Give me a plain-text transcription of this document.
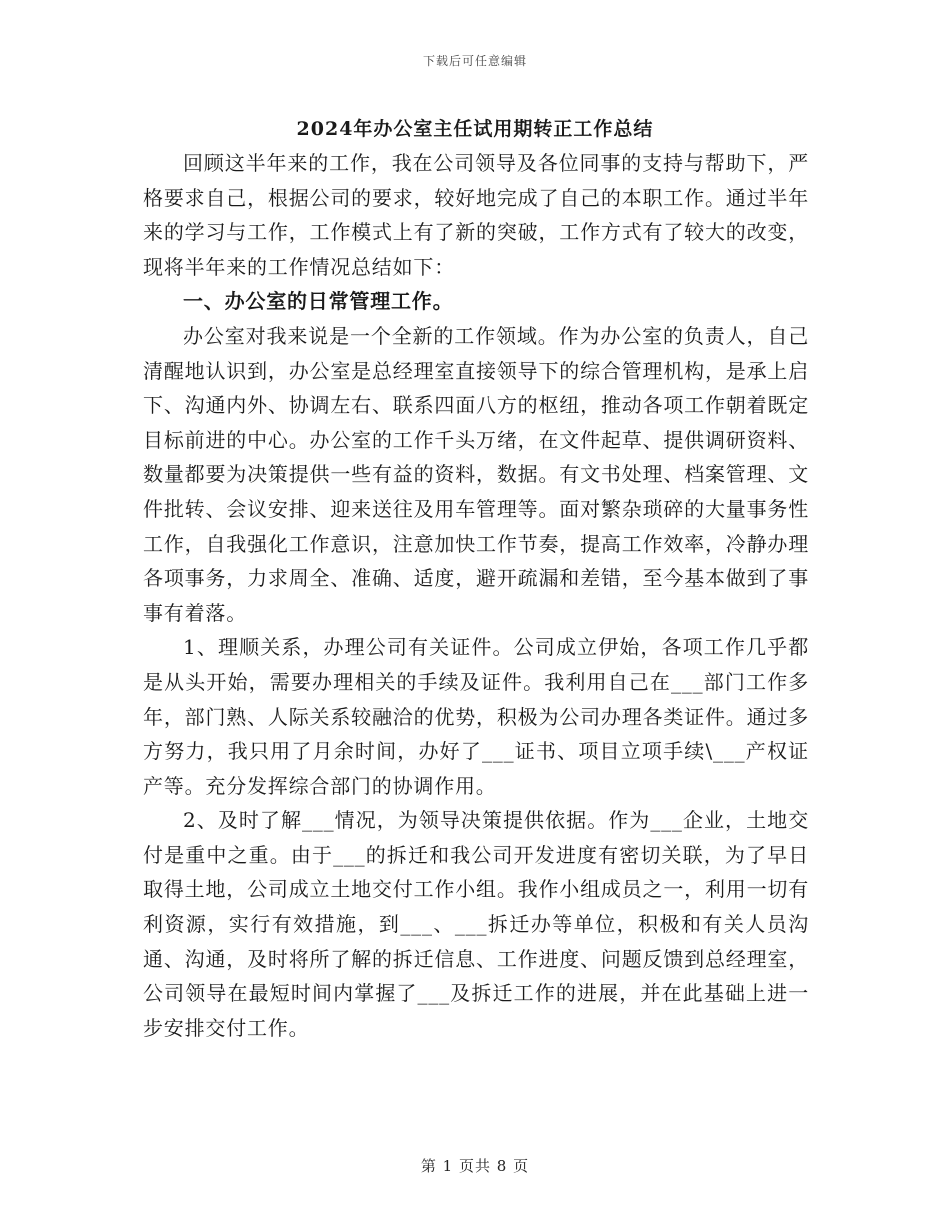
下载后可任意编辑
2024年办公室主任试用期转正工作总结

回顾这半年来的工作，我在公司领导及各位同事的支持与帮助下，严格要求自己，根据公司的要求，较好地完成了自己的本职工作。通过半年来的学习与工作，工作模式上有了新的突破，工作方式有了较大的改变，现将半年来的工作情况总结如下：

一、办公室的日常管理工作。

办公室对我来说是一个全新的工作领域。作为办公室的负责人，自己清醒地认识到，办公室是总经理室直接领导下的综合管理机构，是承上启下、沟通内外、协调左右、联系四面八方的枢纽，推动各项工作朝着既定目标前进的中心。办公室的工作千头万绪，在文件起草、提供调研资料、数量都要为决策提供一些有益的资料，数据。有文书处理、档案管理、文件批转、会议安排、迎来送往及用车管理等。面对繁杂琐碎的大量事务性工作，自我强化工作意识，注意加快工作节奏，提高工作效率，冷静办理各项事务，力求周全、准确、适度，避开疏漏和差错，至今基本做到了事事有着落。

1、理顺关系，办理公司有关证件。公司成立伊始，各项工作几乎都是从头开始，需要办理相关的手续及证件。我利用自己在___部门工作多年，部门熟、人际关系较融洽的优势，积极为公司办理各类证件。通过多方努力，我只用了月余时间，办好了___证书、项目立项手续\___产权证产等。充分发挥综合部门的协调作用。

2、及时了解___情况，为领导决策提供依据。作为___企业，土地交付是重中之重。由于___的拆迁和我公司开发进度有密切关联，为了早日取得土地，公司成立土地交付工作小组。我作小组成员之一，利用一切有利资源，实行有效措施，到___、___拆迁办等单位，积极和有关人员沟通、沟通，及时将所了解的拆迁信息、工作进度、问题反馈到总经理室，公司领导在最短时间内掌握了___及拆迁工作的进展，并在此基础上进一步安排交付工作。

第 1 页共 8 页
